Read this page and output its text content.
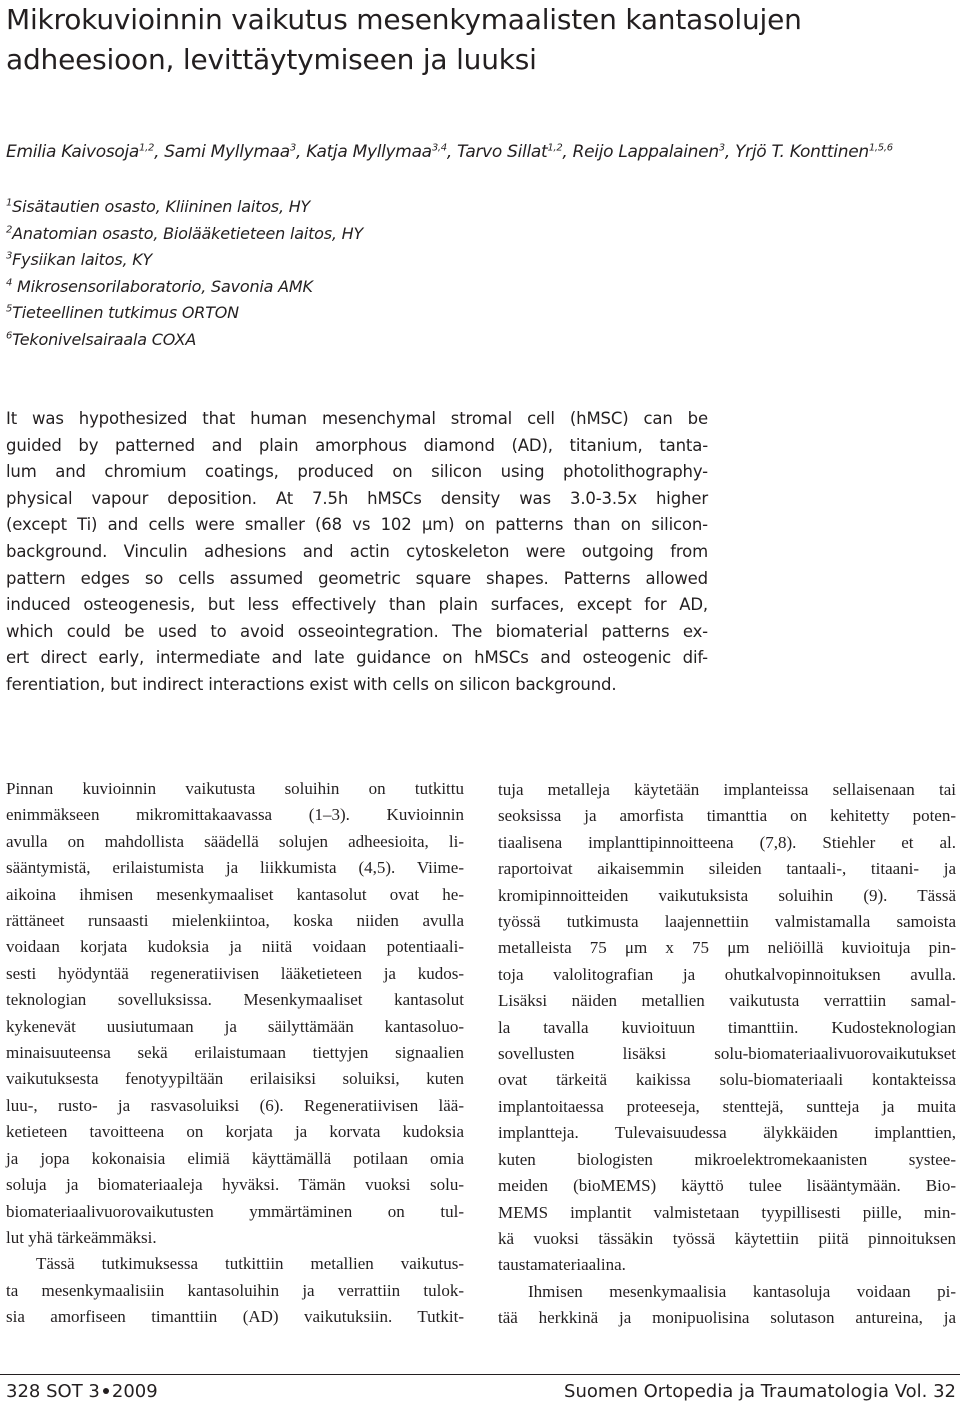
Mikrokuvioinnin vaikutus mesenkymaalisten kantasolujen
adheesioon, levittäytymiseen ja luuksi
Emilia Kaivosoja$^{1,2}$, Sami Myllymaa$^3$, Katja Myllymaa$^{3,4}$, Tarvo Sillat$^{1,2}$, Reijo Lappalainen$^3$, Yrjö T. Konttinen$^{1,5,6}$
$^1$Sisätautien osasto, Kliininen laitos, HY
$^2$Anatomian osasto, Biolääketieteen laitos, HY
$^3$Fysiikan laitos, KY
$^4$ Mikrosensorilaboratorio, Savonia AMK
$^5$Tieteellinen tutkimus ORTON
$^6$Tekonivelsairaala COXA
It was hypothesized that human mesenchymal stromal cell (hMSC) can be
guided by patterned and plain amorphous diamond (AD), titanium, tanta-
lum and chromium coatings, produced on silicon using photolithography-
physical vapour deposition. At 7.5h hMSCs density was 3.0-3.5x higher
(except Ti) and cells were smaller (68 vs 102 μm) on patterns than on silicon-
background. Vinculin adhesions and actin cytoskeleton were outgoing from
pattern edges so cells assumed geometric square shapes. Patterns allowed
induced osteogenesis, but less effectively than plain surfaces, except for AD,
which could be used to avoid osseointegration. The biomaterial patterns ex-
ert direct early, intermediate and late guidance on hMSCs and osteogenic dif-
ferentiation, but indirect interactions exist with cells on silicon background.
Pinnan kuvioinnin vaikutusta soluihin on tutkittu
enimmäkseen mikromittakaavassa (1–3). Kuvioinnin
avulla on mahdollista säädellä solujen adheesioita, li-
sääntymistä, erilaistumista ja liikkumista (4,5). Viime-
aikoina ihmisen mesenkymaaliset kantasolut ovat he-
rättäneet runsaasti mielenkiintoa, koska niiden avulla
voidaan korjata kudoksia ja niitä voidaan potentiaali-
sesti hyödyntää regeneratiivisen lääketieteen ja kudos-
teknologian sovelluksissa. Mesenkymaaliset kantasolut
kykenevät uusiutumaan ja säilyttämään kantasoluo-
minaisuuteensa sekä erilaistumaan tiettyjen signaalien
vaikutuksesta fenotyypiltään erilaisiksi soluiksi, kuten
luu-, rusto- ja rasvasoluiksi (6). Regeneratiivisen lää-
ketieteen tavoitteena on korjata ja korvata kudoksia
ja jopa kokonaisia elimiä käyttämällä potilaan omia
soluja ja biomateriaaleja hyväksi. Tämän vuoksi solu-
biomateriaalivuorovaikutusten ymmärtäminen on tul-
lut yhä tärkeämmäksi.
Tässä tutkimuksessa tutkittiin metallien vaikutus-
ta mesenkymaalisiin kantasoluihin ja verrattiin tulok-
sia amorfiseen timanttiin (AD) vaikutuksiin. Tutkit-
tuja metalleja käytetään implanteissa sellaisenaan tai
seoksissa ja amorfista timanttia on kehitetty poten-
tiaalisena implanttipinnoitteena (7,8). Stiehler et al.
raportoivat aikaisemmin sileiden tantaali-, titaani- ja
kromipinnoitteiden vaikutuksista soluihin (9). Tässä
työssä tutkimusta laajennettiin valmistamalla samoista
metalleista 75 μm x 75 μm neliöillä kuvioituja pin-
toja valolitografian ja ohutkalvopinnoituksen avulla.
Lisäksi näiden metallien vaikutusta verrattiin samal-
la tavalla kuvioituun timanttiin. Kudosteknologian
sovellusten lisäksi solu-biomateriaalivuorovaikutukset
ovat tärkeitä kaikissa solu-biomateriaali kontakteissa
implantoitaessa proteeseja, stenttejä, suntteja ja muita
implantteja. Tulevaisuudessa älykkäiden implanttien,
kuten biologisten mikroelektromekaanisten systee-
meiden (bioMEMS) käyttö tulee lisääntymään. Bio-
MEMS implantit valmistetaan tyypillisesti piille, min-
kä vuoksi tässäkin työssä käytettiin piitä pinnoituksen
taustamateriaalina.
Ihmisen mesenkymaalisia kantasoluja voidaan pi-
tää herkkinä ja monipuolisina solutason antureina, ja
328 SOT 3 2009	Suomen Ortopedia ja Traumatologia Vol. 32
